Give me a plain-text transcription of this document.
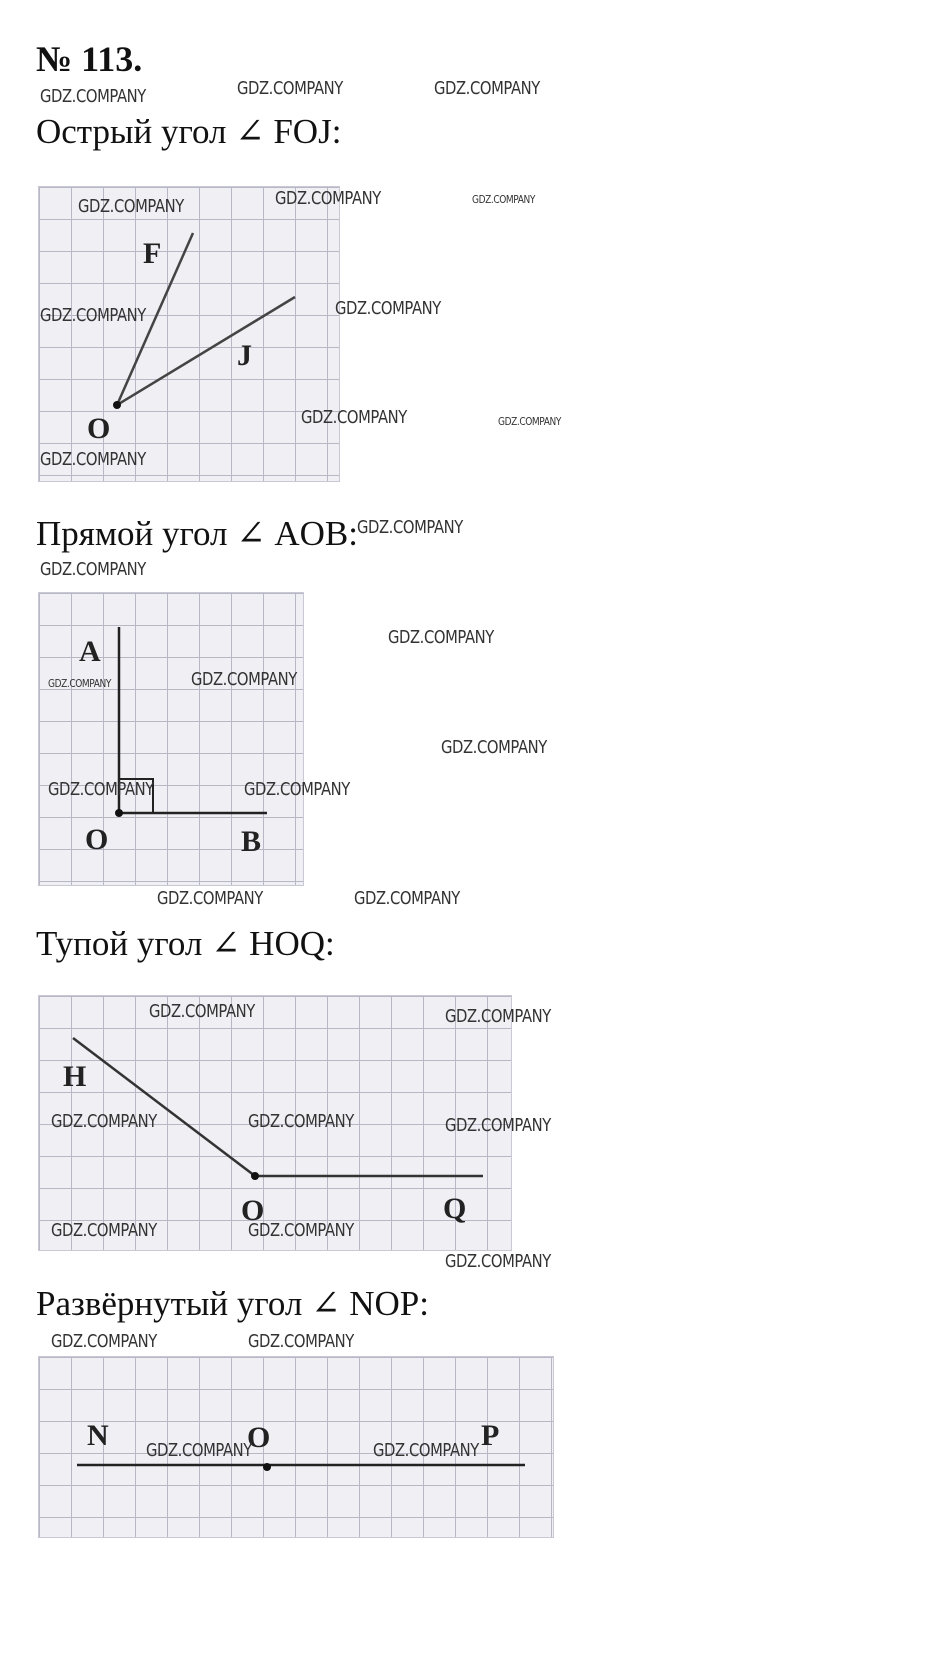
№ 113.
Острый угол ∠ FOJ:
F
J
O
Прямой угол ∠ AOB:
A
O	B
Тупой угол ∠ HOQ:
H
O	Q
Развёрнутый угол ∠ NOP:
N	O	P
GDZ.COMPANY	GDZ.COMPANY	GDZ.COMPANY
GDZ.COMPANY	GDZ.COMPANY	GDZ.COMPANY
GDZ.COMPANY	GDZ.COMPANY
GDZ.COMPANY	GDZ.COMPANY
GDZ.COMPANY
GDZ.COMPANY
GDZ.COMPANY
GDZ.COMPANY
GDZ.COMPANY	GDZ.COMPANY
GDZ.COMPANY
GDZ.COMPANY	GDZ.COMPANY
GDZ.COMPANY	GDZ.COMPANY
GDZ.COMPANY	GDZ.COMPANY
GDZ.COMPANY	GDZ.COMPANY	GDZ.COMPANY
GDZ.COMPANY	GDZ.COMPANY
GDZ.COMPANY
GDZ.COMPANY	GDZ.COMPANY
GDZ.COMPANY	GDZ.COMPANY
